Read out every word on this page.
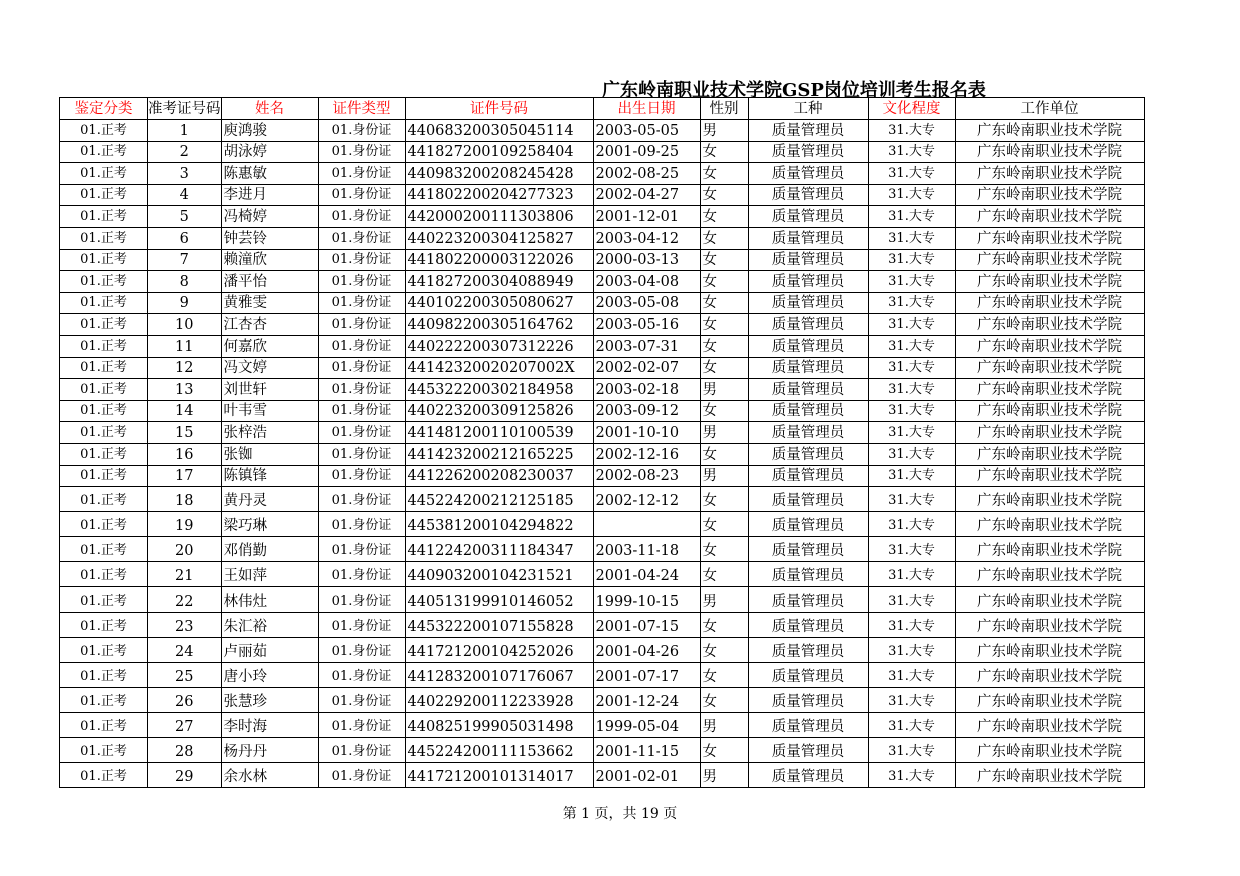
广东岭南职业技术学院GSP岗位培训考生报名表
鉴定分类	准考证号码	姓名	证件类型	证件号码	出生日期	性别	工种	文化程度	工作单位
01.正考	1	庾鸿骏	01.身份证	440683200305045114	2003-05-05	男	质量管理员	31.大专	广东岭南职业技术学院
01.正考	2	胡泳婷	01.身份证	441827200109258404	2001-09-25	女	质量管理员	31.大专	广东岭南职业技术学院
01.正考	3	陈惠敏	01.身份证	440983200208245428	2002-08-25	女	质量管理员	31.大专	广东岭南职业技术学院
01.正考	4	李进月	01.身份证	441802200204277323	2002-04-27	女	质量管理员	31.大专	广东岭南职业技术学院
01.正考	5	冯椅婷	01.身份证	442000200111303806	2001-12-01	女	质量管理员	31.大专	广东岭南职业技术学院
01.正考	6	钟芸铃	01.身份证	440223200304125827	2003-04-12	女	质量管理员	31.大专	广东岭南职业技术学院
01.正考	7	赖潼欣	01.身份证	441802200003122026	2000-03-13	女	质量管理员	31.大专	广东岭南职业技术学院
01.正考	8	潘平怡	01.身份证	441827200304088949	2003-04-08	女	质量管理员	31.大专	广东岭南职业技术学院
01.正考	9	黄雅雯	01.身份证	440102200305080627	2003-05-08	女	质量管理员	31.大专	广东岭南职业技术学院
01.正考	10	江杏杏	01.身份证	440982200305164762	2003-05-16	女	质量管理员	31.大专	广东岭南职业技术学院
01.正考	11	何嘉欣	01.身份证	440222200307312226	2003-07-31	女	质量管理员	31.大专	广东岭南职业技术学院
01.正考	12	冯文婷	01.身份证	44142320020207002X	2002-02-07	女	质量管理员	31.大专	广东岭南职业技术学院
01.正考	13	刘世轩	01.身份证	445322200302184958	2003-02-18	男	质量管理员	31.大专	广东岭南职业技术学院
01.正考	14	叶韦雪	01.身份证	440223200309125826	2003-09-12	女	质量管理员	31.大专	广东岭南职业技术学院
01.正考	15	张梓浩	01.身份证	441481200110100539	2001-10-10	男	质量管理员	31.大专	广东岭南职业技术学院
01.正考	16	张铷	01.身份证	441423200212165225	2002-12-16	女	质量管理员	31.大专	广东岭南职业技术学院
01.正考	17	陈镇锋	01.身份证	441226200208230037	2002-08-23	男	质量管理员	31.大专	广东岭南职业技术学院
01.正考	18	黄丹灵	01.身份证	445224200212125185	2002-12-12	女	质量管理员	31.大专	广东岭南职业技术学院
01.正考	19	梁巧琳	01.身份证	445381200104294822		女	质量管理员	31.大专	广东岭南职业技术学院
01.正考	20	邓俏勤	01.身份证	441224200311184347	2003-11-18	女	质量管理员	31.大专	广东岭南职业技术学院
01.正考	21	王如萍	01.身份证	440903200104231521	2001-04-24	女	质量管理员	31.大专	广东岭南职业技术学院
01.正考	22	林伟灶	01.身份证	440513199910146052	1999-10-15	男	质量管理员	31.大专	广东岭南职业技术学院
01.正考	23	朱汇裕	01.身份证	445322200107155828	2001-07-15	女	质量管理员	31.大专	广东岭南职业技术学院
01.正考	24	卢丽茹	01.身份证	441721200104252026	2001-04-26	女	质量管理员	31.大专	广东岭南职业技术学院
01.正考	25	唐小玲	01.身份证	441283200107176067	2001-07-17	女	质量管理员	31.大专	广东岭南职业技术学院
01.正考	26	张慧珍	01.身份证	440229200112233928	2001-12-24	女	质量管理员	31.大专	广东岭南职业技术学院
01.正考	27	李时海	01.身份证	440825199905031498	1999-05-04	男	质量管理员	31.大专	广东岭南职业技术学院
01.正考	28	杨丹丹	01.身份证	445224200111153662	2001-11-15	女	质量管理员	31.大专	广东岭南职业技术学院
01.正考	29	余水林	01.身份证	441721200101314017	2001-02-01	男	质量管理员	31.大专	广东岭南职业技术学院
第 1 页，共 19 页
